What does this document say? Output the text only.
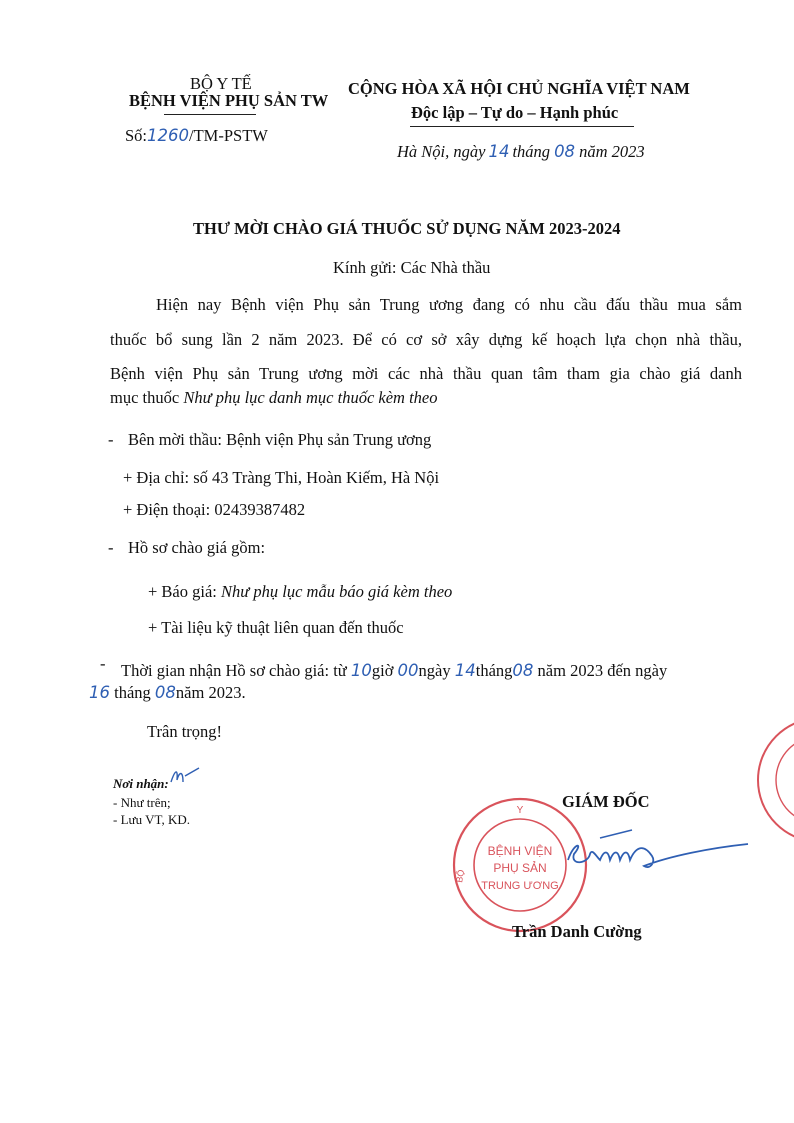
BỘ Y TẾ
BỆNH VIỆN PHỤ SẢN TW
Số:1260/TM-PSTW
CỘNG HÒA XÃ HỘI CHỦ NGHĨA VIỆT NAM
Độc lập – Tự do – Hạnh phúc
Hà Nội, ngày 14 tháng 08 năm 2023
THƯ MỜI CHÀO GIÁ THUỐC SỬ DỤNG NĂM 2023-2024
Kính gửi: Các Nhà thầu
Hiện nay Bệnh viện Phụ sản Trung ương đang có nhu cầu đấu thầu mua sắm
thuốc bổ sung lần 2 năm 2023. Để có cơ sở xây dựng kế hoạch lựa chọn nhà thầu,
Bệnh viện Phụ sản Trung ương mời các nhà thầu quan tâm tham gia chào giá danh
mục thuốc Như phụ lục danh mục thuốc kèm theo
- Bên mời thầu: Bệnh viện Phụ sản Trung ương
+ Địa chỉ: số 43 Tràng Thi, Hoàn Kiếm, Hà Nội
+ Điện thoại: 02439387482
- Hồ sơ chào giá gồm:
+ Báo giá: Như phụ lục mẫu báo giá kèm theo
+ Tài liệu kỹ thuật liên quan đến thuốc
- Thời gian nhận Hồ sơ chào giá: từ 10giờ 00ngày 14tháng08 năm 2023 đến ngày
16 tháng 08năm 2023.
Trân trọng!
Nơi nhận:
- Như trên;
- Lưu VT, KD.
GIÁM ĐỐC
Y
BỘ
BỆNH VIỆN
PHỤ SẢN
TRUNG ƯƠNG
Trần Danh Cường
